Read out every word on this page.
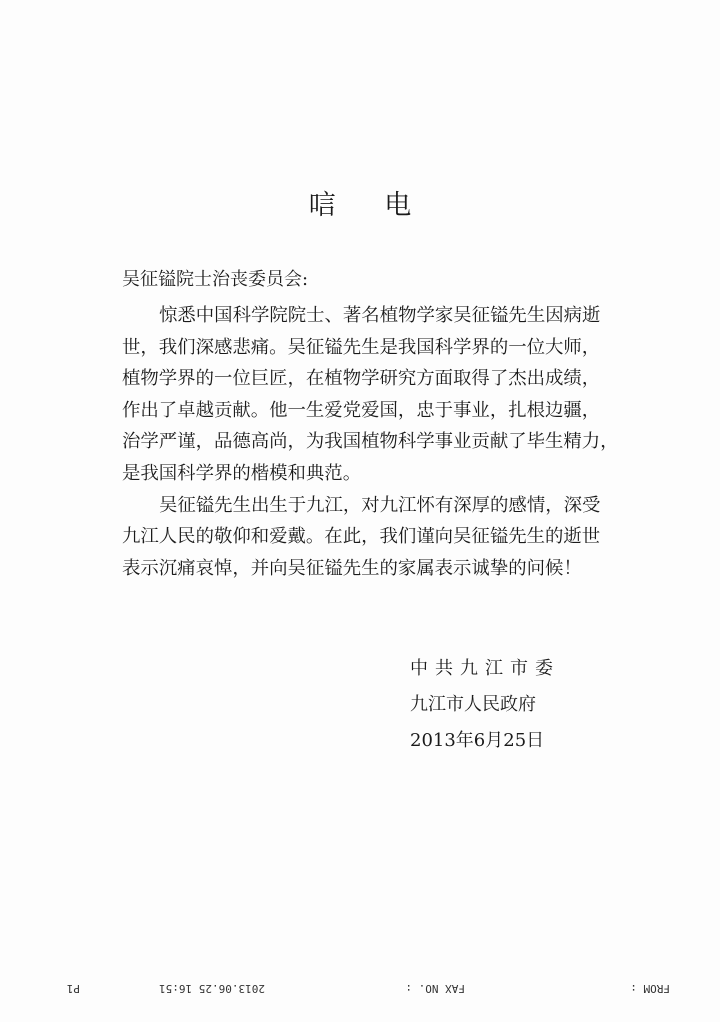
唁 电
吴征镒院士治丧委员会:
惊悉中国科学院院士、著名植物学家吴征镒先生因病逝
世，我们深感悲痛。吴征镒先生是我国科学界的一位大师，
植物学界的一位巨匠，在植物学研究方面取得了杰出成绩，
作出了卓越贡献。他一生爱党爱国，忠于事业，扎根边疆，
治学严谨，品德高尚，为我国植物科学事业贡献了毕生精力，
是我国科学界的楷模和典范。
吴征镒先生出生于九江，对九江怀有深厚的感情，深受
九江人民的敬仰和爱戴。在此，我们谨向吴征镒先生的逝世
表示沉痛哀悼，并向吴征镒先生的家属表示诚挚的问候！
中共九江市委
九江市人民政府
2013年6月25日
FROM :
FAX NO. :
2013.06.25 16:51
P1
